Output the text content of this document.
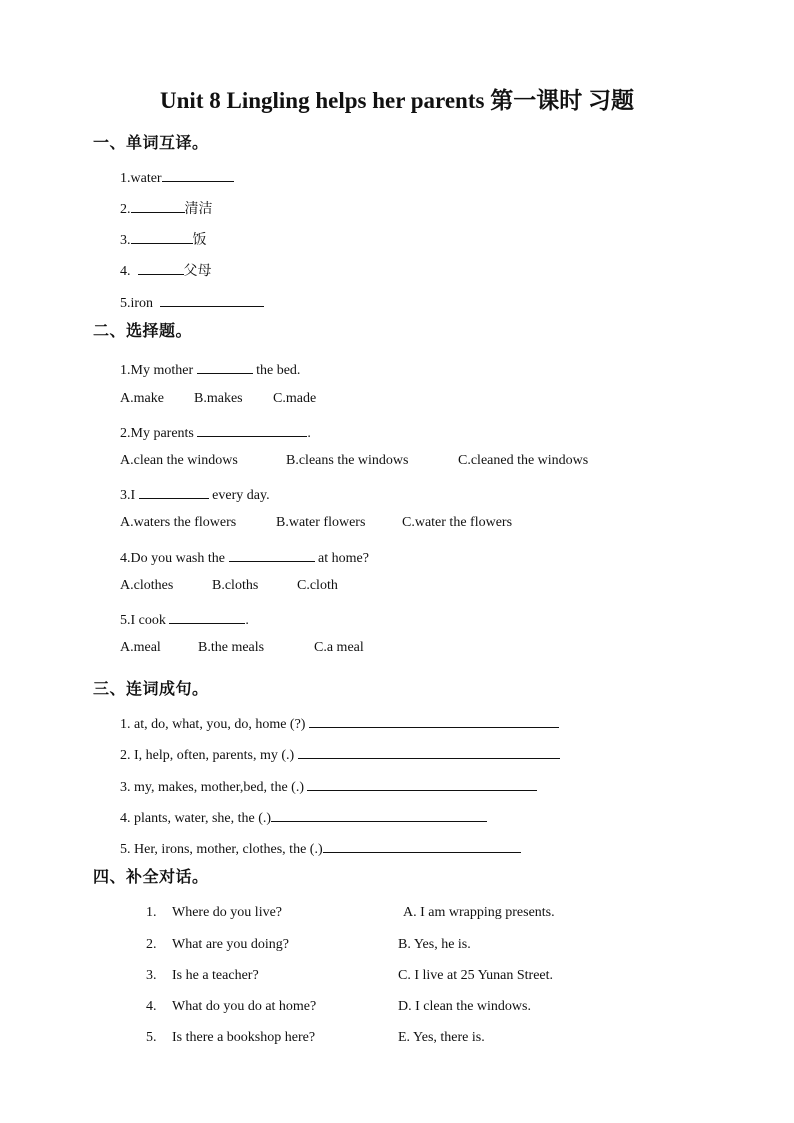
Unit 8 Lingling helps her parents 第一课时 习题
一、单词互译。
1.water
2.	清洁
3.	饭
4.	父母
5.iron
二、选择题。
1.My mother	the bed.
A.make B.makes C.made
2.My parents	.
A.clean the windows	B.cleans the windows	C.cleaned the windows
3.I	every day.
A.waters the flowers	B.water flowers	C.water the flowers
4.Do you wash the	at home?
A.clothes	B.cloths	C.cloth
5.I cook	.
A.meal	B.the meals	C.a meal
三、连词成句。
1. at, do, what, you, do, home (?)
2. I, help, often, parents, my (.)
3. my, makes, mother,bed, the (.)
4. plants, water, she, the (.)
5. Her, irons, mother, clothes, the (.)
四、补全对话。
1. Where do you live?	A. I am wrapping presents.
2. What are you doing?	B. Yes, he is.
3. Is he a teacher?	C. I live at 25 Yunan Street.
4. What do you do at home?	D. I clean the windows.
5. Is there a bookshop here?	E. Yes, there is.
